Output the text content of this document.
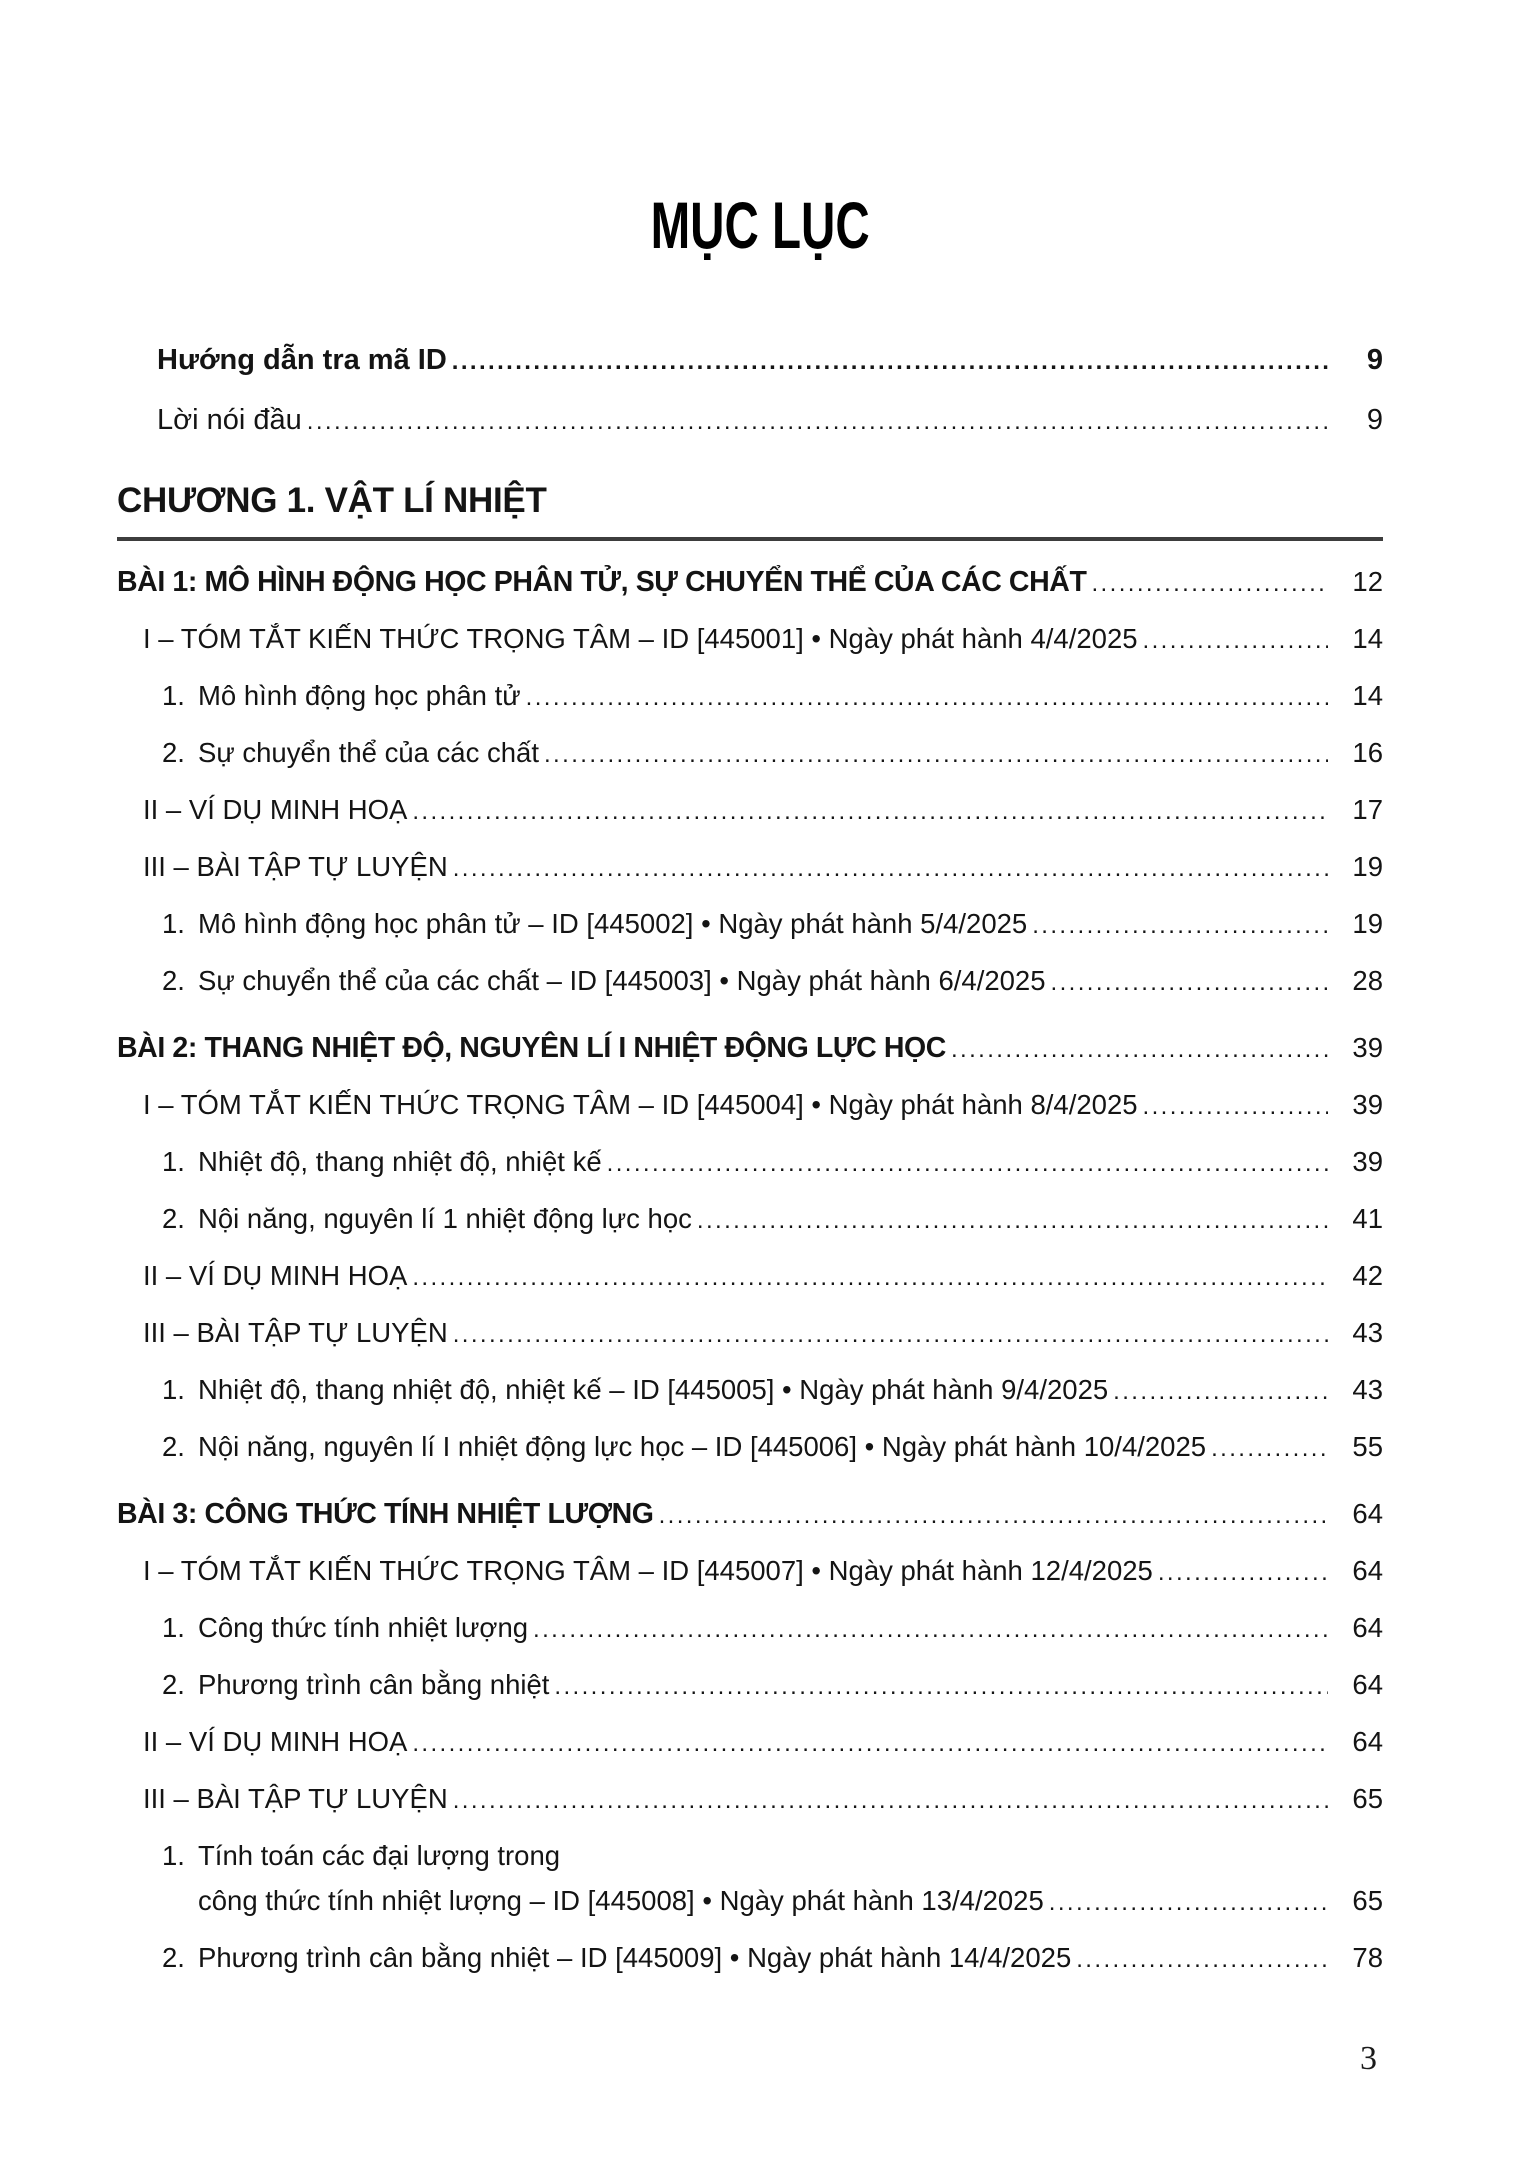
MỤC LỤC
Hướng dẫn tra mã ID .....	9
Lời nói đầu .....	9
CHƯƠNG 1. VẬT LÍ NHIỆT
BÀI 1: MÔ HÌNH ĐỘNG HỌC PHÂN TỬ, SỰ CHUYỂN THỂ CỦA CÁC CHẤT .....	12
I – TÓM TẮT KIẾN THỨC TRỌNG TÂM – ID [445001] • Ngày phát hành 4/4/2025 .....	14
1. Mô hình động học phân tử .....	14
2. Sự chuyển thể của các chất .....	16
II – VÍ DỤ MINH HOẠ .....	17
III – BÀI TẬP TỰ LUYỆN .....	19
1. Mô hình động học phân tử – ID [445002] • Ngày phát hành 5/4/2025 .....	19
2. Sự chuyển thể của các chất – ID [445003] • Ngày phát hành 6/4/2025 .....	28
BÀI 2: THANG NHIỆT ĐỘ, NGUYÊN LÍ I NHIỆT ĐỘNG LỰC HỌC .....	39
I – TÓM TẮT KIẾN THỨC TRỌNG TÂM – ID [445004] • Ngày phát hành 8/4/2025 .....	39
1. Nhiệt độ, thang nhiệt độ, nhiệt kế .....	39
2. Nội năng, nguyên lí 1 nhiệt động lực học .....	41
II – VÍ DỤ MINH HOẠ .....	42
III – BÀI TẬP TỰ LUYỆN .....	43
1. Nhiệt độ, thang nhiệt độ, nhiệt kế – ID [445005] • Ngày phát hành 9/4/2025 .....	43
2. Nội năng, nguyên lí I nhiệt động lực học – ID [445006] • Ngày phát hành 10/4/2025 .....	55
BÀI 3: CÔNG THỨC TÍNH NHIỆT LƯỢNG .....	64
I – TÓM TẮT KIẾN THỨC TRỌNG TÂM – ID [445007] • Ngày phát hành 12/4/2025 .....	64
1. Công thức tính nhiệt lượng .....	64
2. Phương trình cân bằng nhiệt .....	64
II – VÍ DỤ MINH HOẠ .....	64
III – BÀI TẬP TỰ LUYỆN .....	65
1. Tính toán các đại lượng trong
công thức tính nhiệt lượng – ID [445008] • Ngày phát hành 13/4/2025 .....	65
2. Phương trình cân bằng nhiệt – ID [445009] • Ngày phát hành 14/4/2025 .....	78
3
